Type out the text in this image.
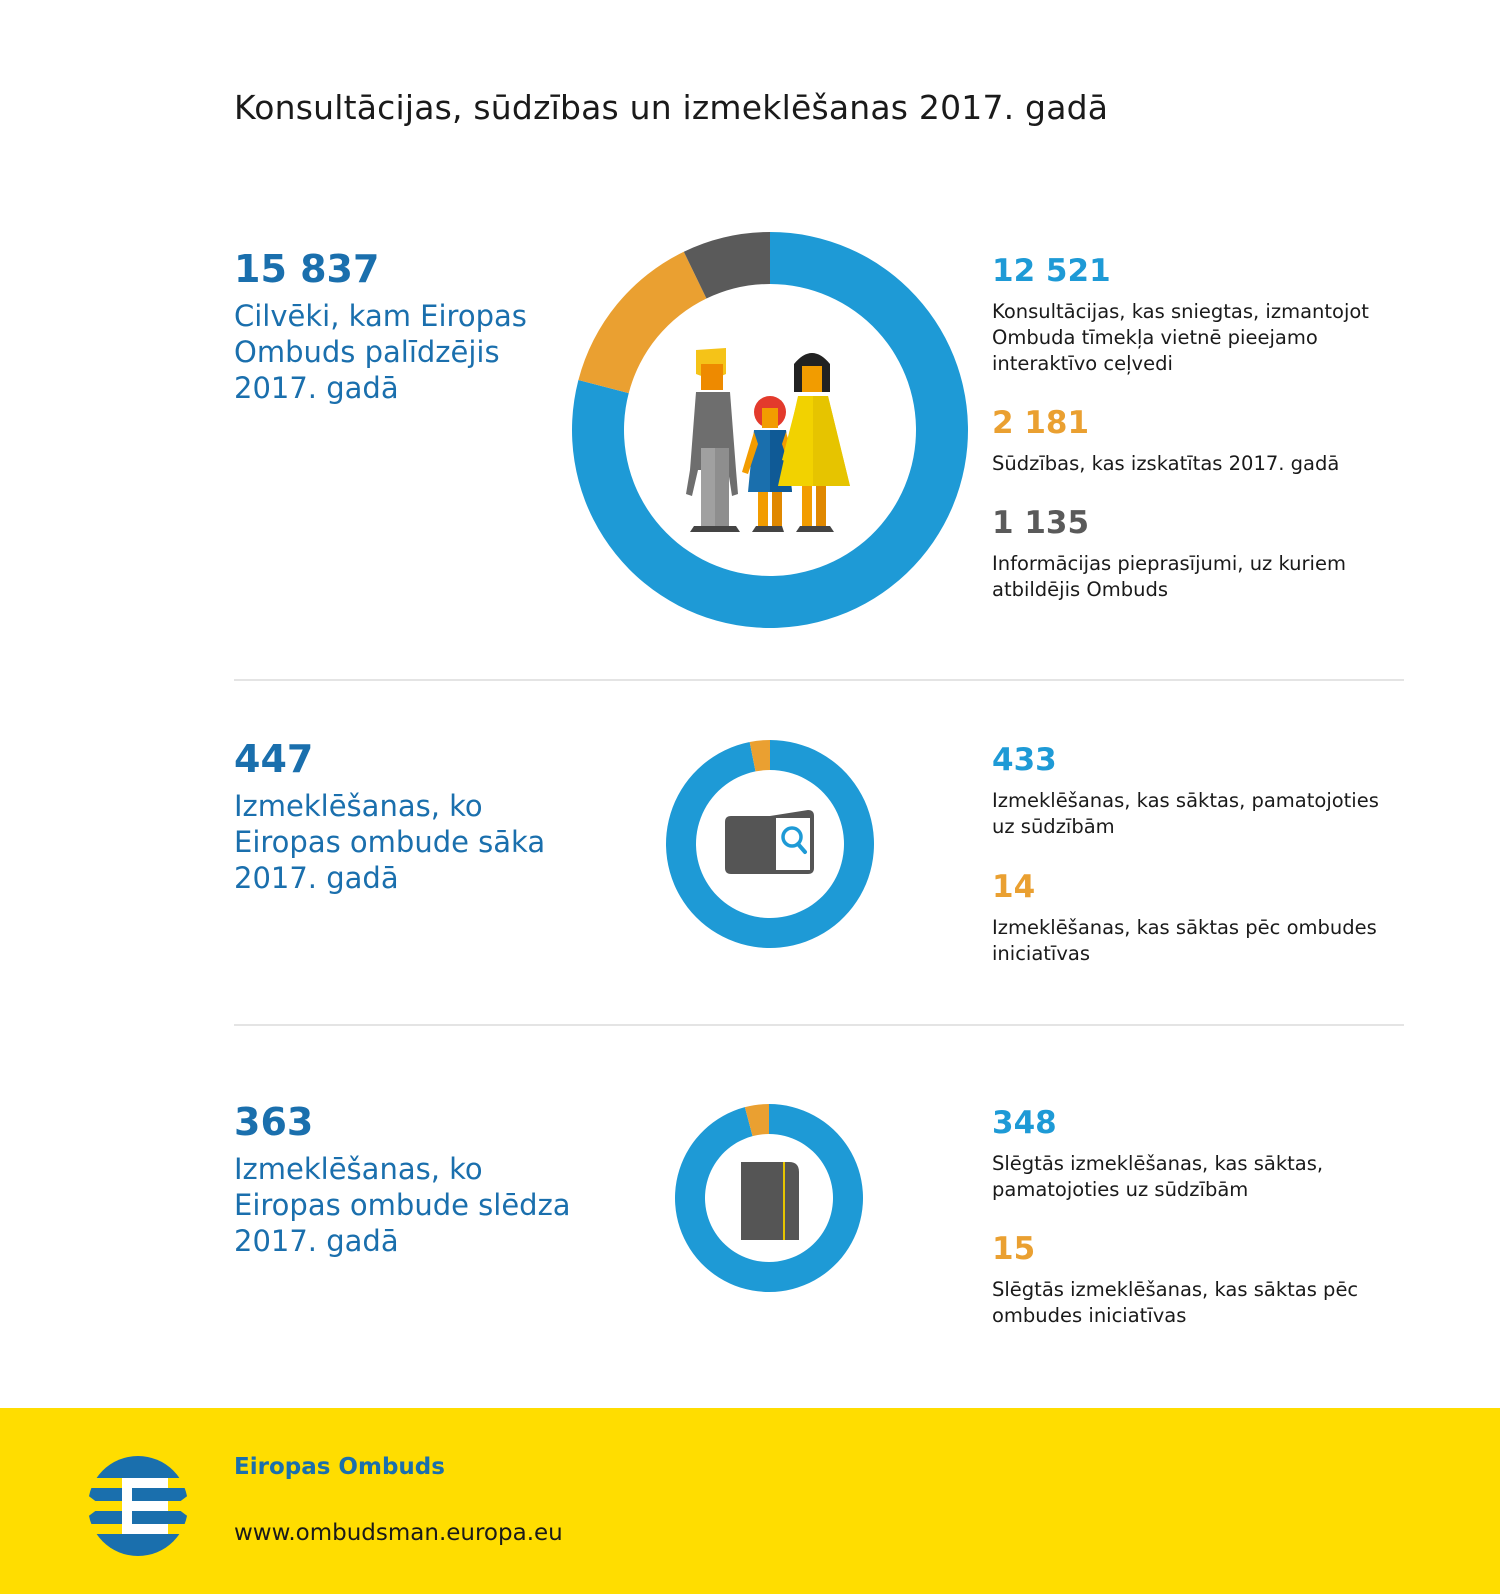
Konsultācijas, sūdzības un izmeklēšanas 2017. gadā
15 837
Cilvēki, kam Eiropas
Ombuds palīdzējis
2017. gadā
12 521
Konsultācijas, kas sniegtas, izmantojot
Ombuda tīmekļa vietnē pieejamo
interaktīvo ceļvedi
2 181
Sūdzības, kas izskatītas 2017. gadā
1 135
Informācijas pieprasījumi, uz kuriem
atbildējis Ombuds
447
Izmeklēšanas, ko
Eiropas ombude sāka
2017. gadā
433
Izmeklēšanas, kas sāktas, pamatojoties
uz sūdzībām
14
Izmeklēšanas, kas sāktas pēc ombudes
iniciatīvas
363
Izmeklēšanas, ko
Eiropas ombude slēdza
2017. gadā
348
Slēgtās izmeklēšanas, kas sāktas,
pamatojoties uz sūdzībām
15
Slēgtās izmeklēšanas, kas sāktas pēc
ombudes iniciatīvas
Eiropas Ombuds
www.ombudsman.europa.eu
